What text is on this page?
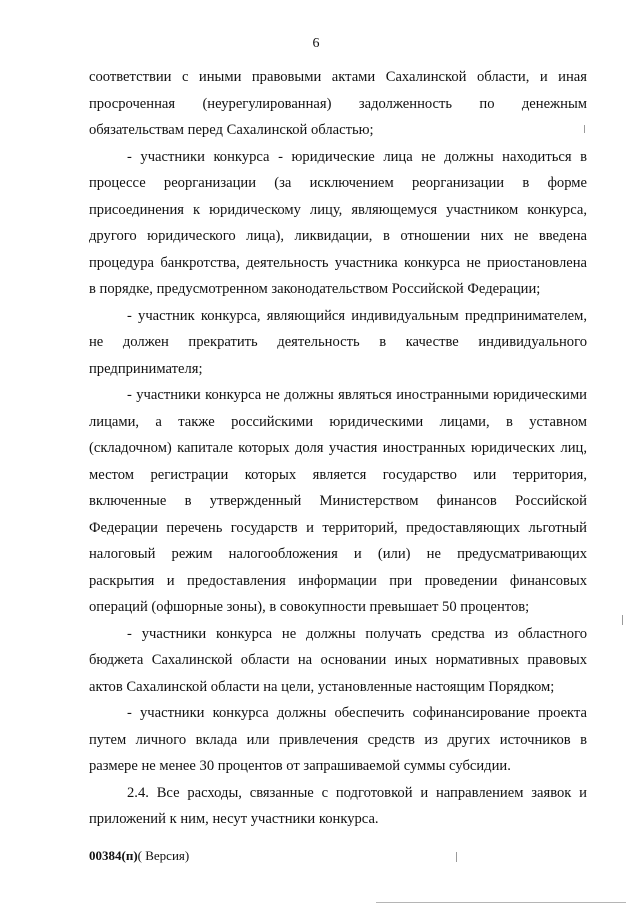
6

соответствии с иными правовыми актами Сахалинской области, и иная
просроченная (неурегулированная) задолженность по денежным
обязательствам перед Сахалинской областью;

- участники конкурса - юридические лица не должны находиться в
процессе реорганизации (за исключением реорганизации в форме
присоединения к юридическому лицу, являющемуся участником конкурса,
другого юридического лица), ликвидации, в отношении них не введена
процедура банкротства, деятельность участника конкурса не приостановлена
в порядке, предусмотренном законодательством Российской Федерации;

- участник конкурса, являющийся индивидуальным предпринимателем,
не должен прекратить деятельность в качестве индивидуального
предпринимателя;

- участники конкурса не должны являться иностранными юридическими
лицами, а также российскими юридическими лицами, в уставном
(складочном) капитале которых доля участия иностранных юридических лиц,
местом регистрации которых является государство или территория,
включенные в утвержденный Министерством финансов Российской
Федерации перечень государств и территорий, предоставляющих льготный
налоговый режим налогообложения и (или) не предусматривающих
раскрытия и предоставления информации при проведении финансовых
операций (офшорные зоны), в совокупности превышает 50 процентов;

- участники конкурса не должны получать средства из областного
бюджета Сахалинской области на основании иных нормативных правовых
актов Сахалинской области на цели, установленные настоящим Порядком;

- участники конкурса должны обеспечить софинансирование проекта
путем личного вклада или привлечения средств из других источников в
размере не менее 30 процентов от запрашиваемой суммы субсидии.

2.4. Все расходы, связанные с подготовкой и направлением заявок и
приложений к ним, несут участники конкурса.

00384(п)( Версия)
